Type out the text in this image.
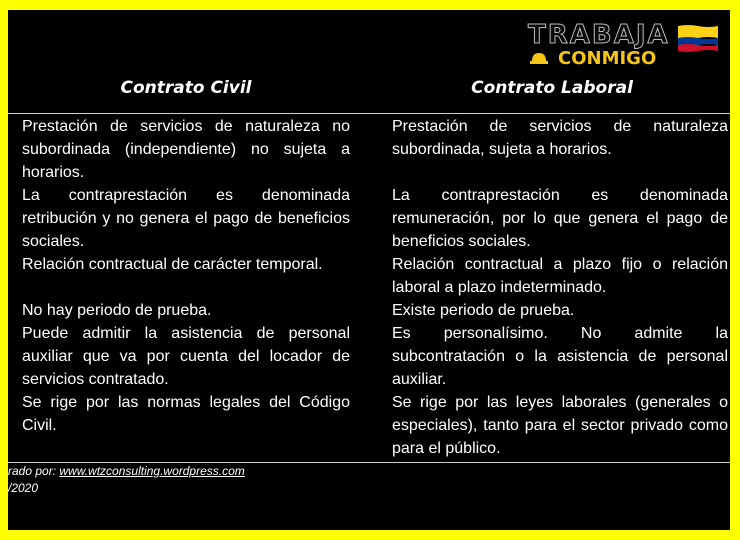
TRABAJA
CONMIGO
Contrato Civil	Contrato Laboral

Prestación de servicios de naturaleza no subordinada (independiente) no sujeta a horarios.

La contraprestación es denominada retribución y no genera el pago de beneficios sociales.

Relación contractual de carácter temporal.

No hay periodo de prueba.

Puede admitir la asistencia de personal auxiliar que va por cuenta del locador de servicios contratado.

Se rige por las normas legales del Código Civil.

Prestación de servicios de naturaleza subordinada, sujeta a horarios.

La contraprestación es denominada remuneración, por lo que genera el pago de beneficios sociales.

Relación contractual a plazo fijo o relación laboral a plazo indeterminado.

Existe periodo de prueba.

Es personalísimo. No admite la subcontratación o la asistencia de personal auxiliar.

Se rige por las leyes laborales (generales o especiales), tanto para el sector privado como para el público.

rado por: www.wtzconsulting.wordpress.com
/2020
